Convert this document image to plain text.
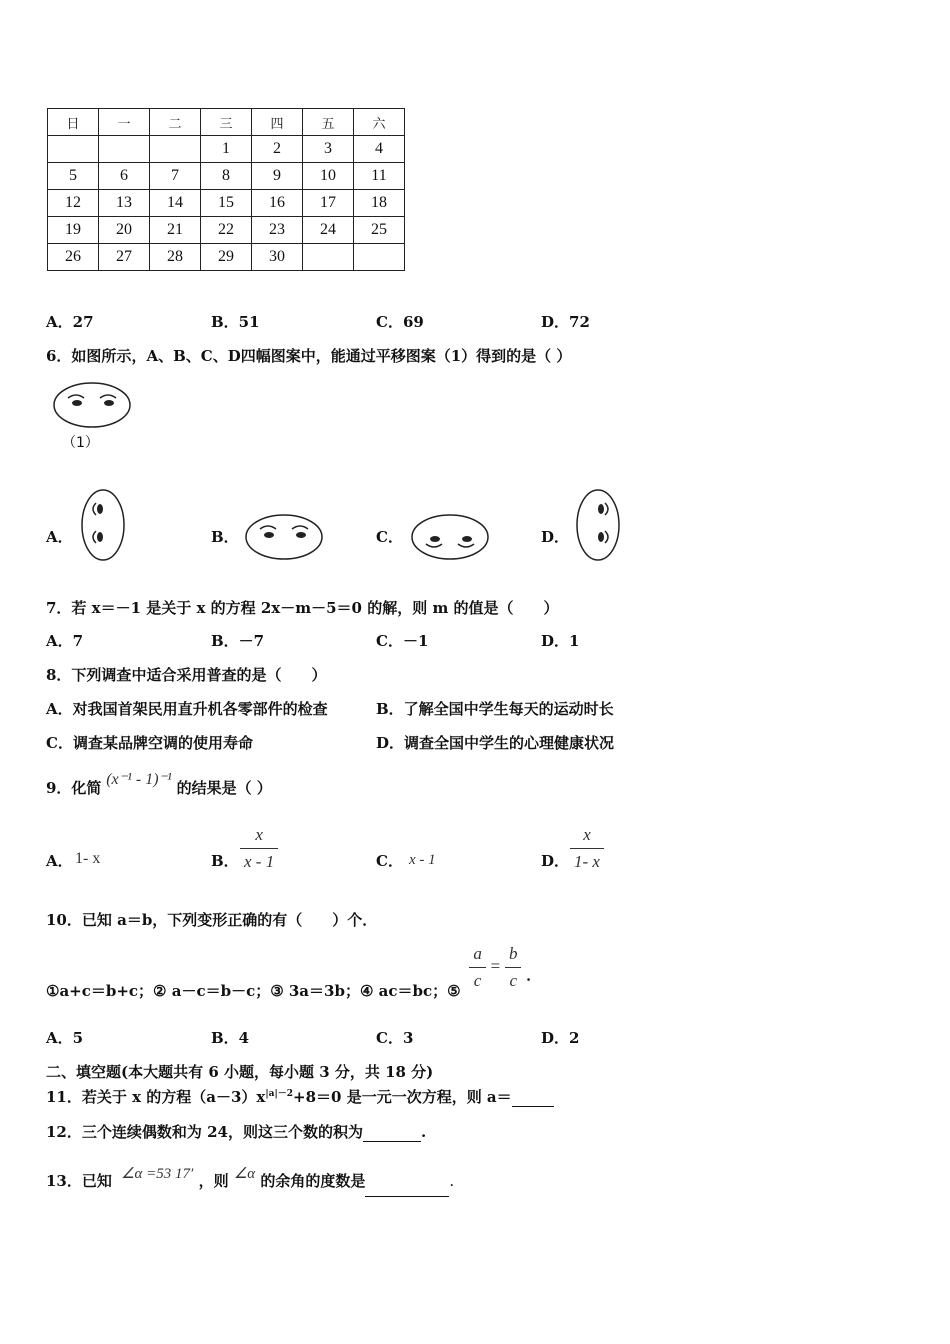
日	一	二	三	四	五	六
			1	2	3	4
5	6	7	8	9	10	11
12	13	14	15	16	17	18
19	20	21	22	23	24	25
26	27	28	29	30		
A．27	B．51	C．69	D．72
6．如图所示，A、B、C、D四幅图案中，能通过平移图案（1）得到的是（ ）
（1）
A．	B．	C．	D．
7．若 x＝－1 是关于 x 的方程 2x－m－5＝0 的解，则 m 的值是（　　）
A．7	B．－7	C．－1	D．1
8．下列调查中适合采用普查的是（　　）
A．对我国首架民用直升机各零部件的检查	B．了解全国中学生每天的运动时长
C．调查某品牌空调的使用寿命	D．调查全国中学生的心理健康状况
9．化简 (x⁻¹ - 1)⁻¹ 的结果是（ ）
A． 1- x	B． $\frac{x}{x - 1}$	C． x - 1	D． $\frac{x}{1- x}$
10．已知 a＝b，下列变形正确的有（　　）个．
①a+c＝b+c；② a－c＝b－c；③ 3a＝3b；④ ac＝bc；⑤ $\frac{a}{c} = \frac{b}{c}$ ．
A．5	B．4	C．3	D．2
二、填空题(本大题共有 6 小题，每小题 3 分，共 18 分)
11．若关于 x 的方程$(a-3)x^{|a|-2}+8=0$ 是一元一次方程，则 a＝
12．三个连续偶数和为 24，则这三个数的积为	.
13．已知 ∠α =53 17′ ，则 ∠α 的余角的度数是	.
